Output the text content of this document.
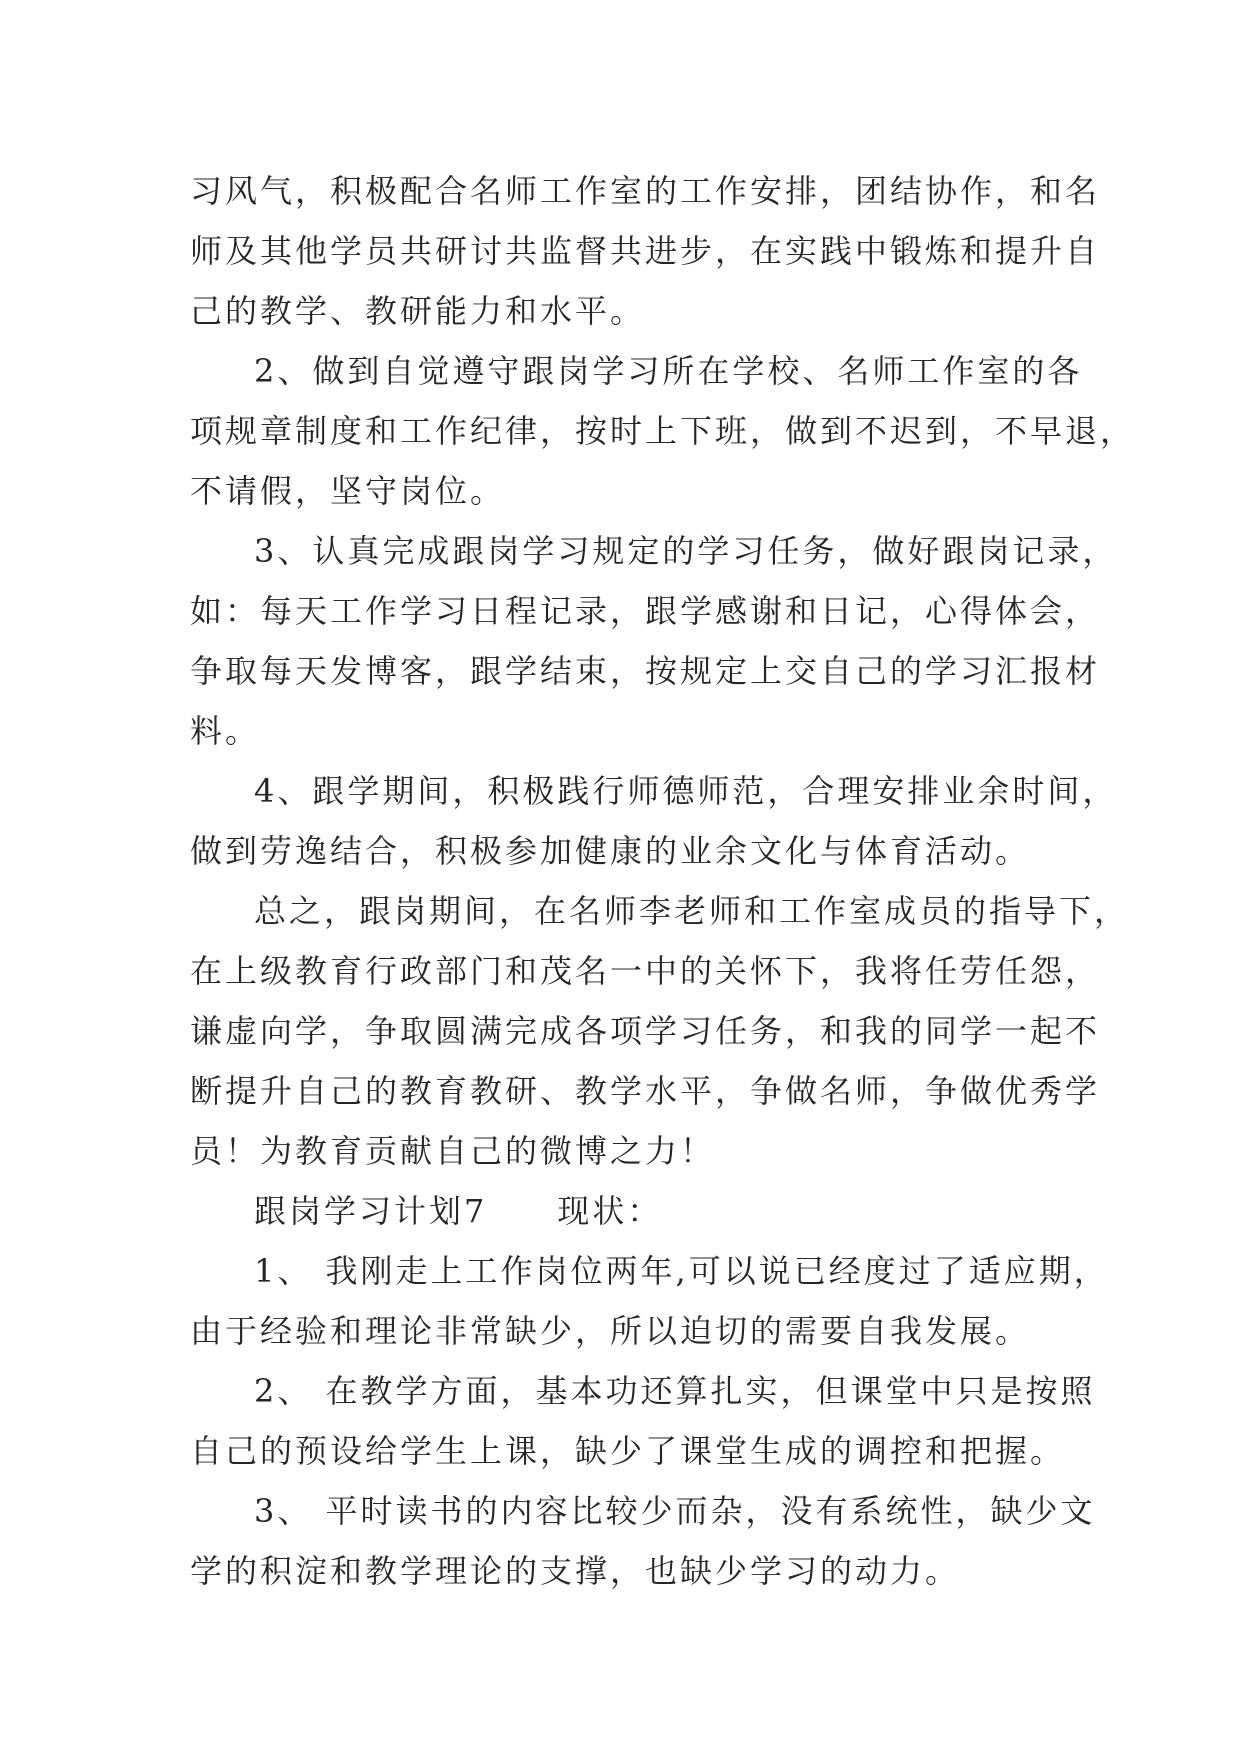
习风气，积极配合名师工作室的工作安排，团结协作，和名
师及其他学员共研讨共监督共进步，在实践中锻炼和提升自
己的教学、教研能力和水平。
2、做到自觉遵守跟岗学习所在学校、名师工作室的各
项规章制度和工作纪律，按时上下班，做到不迟到，不早退，
不请假，坚守岗位。
3、认真完成跟岗学习规定的学习任务，做好跟岗记录，
如：每天工作学习日程记录，跟学感谢和日记，心得体会，
争取每天发博客，跟学结束，按规定上交自己的学习汇报材
料。
4、跟学期间，积极践行师德师范，合理安排业余时间，
做到劳逸结合，积极参加健康的业余文化与体育活动。
总之，跟岗期间，在名师李老师和工作室成员的指导下，
在上级教育行政部门和茂名一中的关怀下，我将任劳任怨，
谦虚向学，争取圆满完成各项学习任务，和我的同学一起不
断提升自己的教育教研、教学水平，争做名师，争做优秀学
员！为教育贡献自己的微博之力！
跟岗学习计划7　　现状：
1、 我刚走上工作岗位两年,可以说已经度过了适应期，
由于经验和理论非常缺少，所以迫切的需要自我发展。
2、 在教学方面，基本功还算扎实，但课堂中只是按照
自己的预设给学生上课，缺少了课堂生成的调控和把握。
3、 平时读书的内容比较少而杂，没有系统性，缺少文
学的积淀和教学理论的支撑，也缺少学习的动力。
